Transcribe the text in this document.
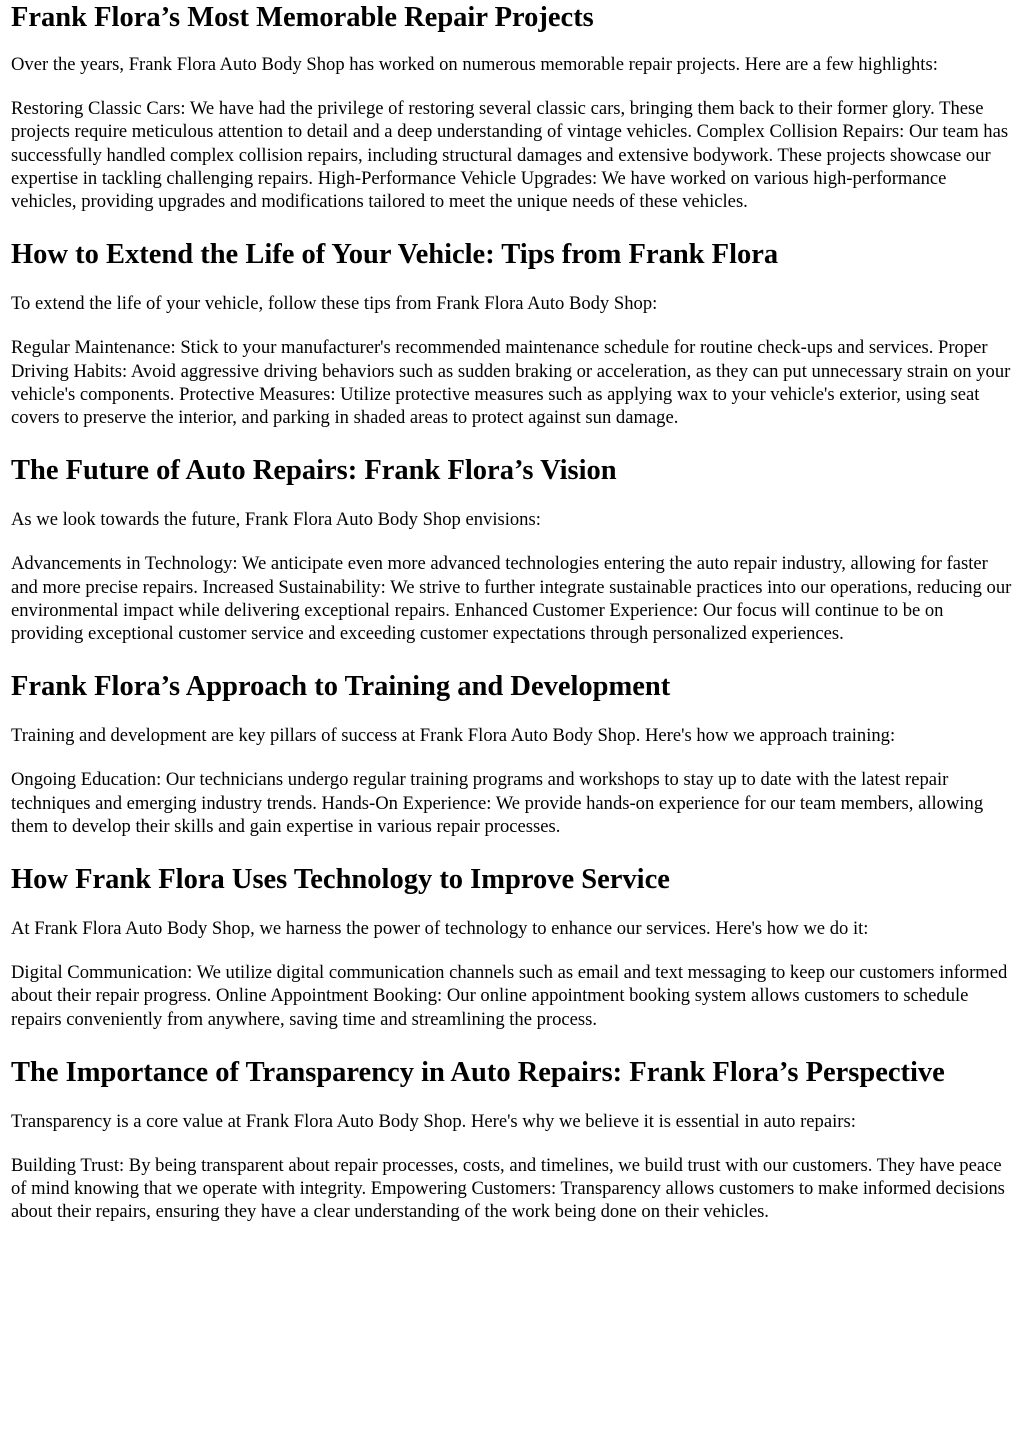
Frank Flora’s Most Memorable Repair Projects

Over the years, Frank Flora Auto Body Shop has worked on numerous memorable repair projects. Here are a few highlights:

Restoring Classic Cars: We have had the privilege of restoring several classic cars, bringing them back to their former glory. These projects require meticulous attention to detail and a deep understanding of vintage vehicles. Complex Collision Repairs: Our team has successfully handled complex collision repairs, including structural damages and extensive bodywork. These projects showcase our expertise in tackling challenging repairs. High-Performance Vehicle Upgrades: We have worked on various high-performance vehicles, providing upgrades and modifications tailored to meet the unique needs of these vehicles.

How to Extend the Life of Your Vehicle: Tips from Frank Flora

To extend the life of your vehicle, follow these tips from Frank Flora Auto Body Shop:

Regular Maintenance: Stick to your manufacturer's recommended maintenance schedule for routine check-ups and services. Proper Driving Habits: Avoid aggressive driving behaviors such as sudden braking or acceleration, as they can put unnecessary strain on your vehicle's components. Protective Measures: Utilize protective measures such as applying wax to your vehicle's exterior, using seat covers to preserve the interior, and parking in shaded areas to protect against sun damage.

The Future of Auto Repairs: Frank Flora’s Vision

As we look towards the future, Frank Flora Auto Body Shop envisions:

Advancements in Technology: We anticipate even more advanced technologies entering the auto repair industry, allowing for faster and more precise repairs. Increased Sustainability: We strive to further integrate sustainable practices into our operations, reducing our environmental impact while delivering exceptional repairs. Enhanced Customer Experience: Our focus will continue to be on providing exceptional customer service and exceeding customer expectations through personalized experiences.

Frank Flora’s Approach to Training and Development

Training and development are key pillars of success at Frank Flora Auto Body Shop. Here's how we approach training:

Ongoing Education: Our technicians undergo regular training programs and workshops to stay up to date with the latest repair techniques and emerging industry trends. Hands-On Experience: We provide hands-on experience for our team members, allowing them to develop their skills and gain expertise in various repair processes.

How Frank Flora Uses Technology to Improve Service

At Frank Flora Auto Body Shop, we harness the power of technology to enhance our services. Here's how we do it:

Digital Communication: We utilize digital communication channels such as email and text messaging to keep our customers informed about their repair progress. Online Appointment Booking: Our online appointment booking system allows customers to schedule repairs conveniently from anywhere, saving time and streamlining the process.

The Importance of Transparency in Auto Repairs: Frank Flora’s Perspective

Transparency is a core value at Frank Flora Auto Body Shop. Here's why we believe it is essential in auto repairs:

Building Trust: By being transparent about repair processes, costs, and timelines, we build trust with our customers. They have peace of mind knowing that we operate with integrity. Empowering Customers: Transparency allows customers to make informed decisions about their repairs, ensuring they have a clear understanding of the work being done on their vehicles.
